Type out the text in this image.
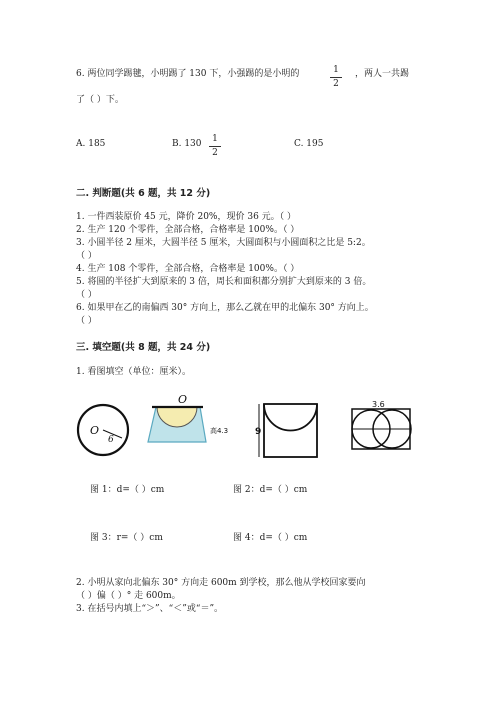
6. 两位同学踢毽，小明踢了 130 下，小强踢的是小明的	1
2
，两人一共踢
了（ ）下。
A. 185	B. 130	1
2
C. 195
二. 判断题(共 6 题，共 12 分)
1. 一件西装原价 45 元，降价 20%，现价 36 元。（ ）
2. 生产 120 个零件，全部合格，合格率是 100%。（ ）
3. 小圆半径 2 厘米，大圆半径 5 厘米，大圆面积与小圆面积之比是 5:2。
（ ）
4. 生产 108 个零件，全部合格，合格率是 100%。（ ）
5. 将圆的半径扩大到原来的 3 倍，周长和面积都分别扩大到原来的 3 倍。
（ ）
6. 如果甲在乙的南偏西 30° 方向上，那么乙就在甲的北偏东 30° 方向上。
（ ）
三. 填空题(共 8 题，共 24 分)
1. 看图填空（单位：厘米）。
O
6
O
高4.3	9
3.6
图 1：d=（ ）cm	图 2：d=（ ）cm
图 3：r=（ ）cm	图 4：d=（ ）cm
2. 小明从家向北偏东 30° 方向走 600m 到学校，那么他从学校回家要向
（ ）偏（ ）° 走 600m。
3. 在括号内填上“＞”、“＜”或“＝”。
